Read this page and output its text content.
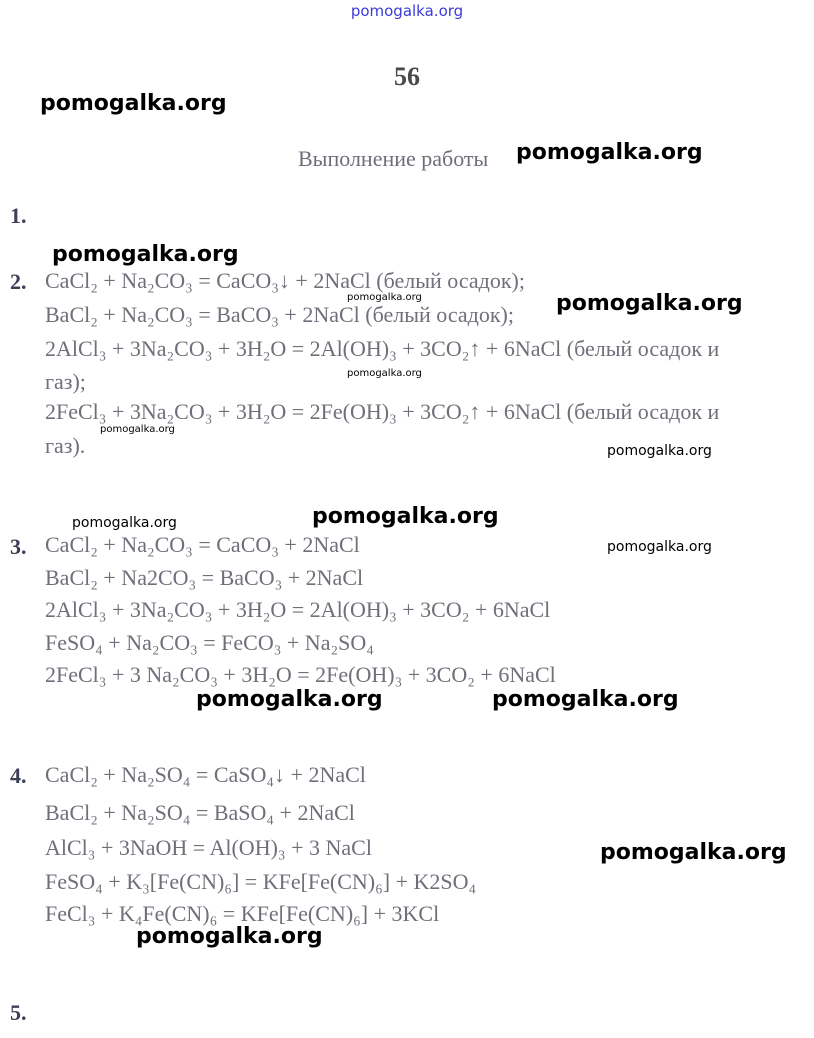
pomogalka.org
56
Выполнение работы
1.
2. CaCl₂ + Na₂CO₃ = CaCO₃↓ + 2NaCl (белый осадок);
BaCl₂ + Na₂CO₃ = BaCO₃ + 2NaCl (белый осадок);
2AlCl₃ + 3Na₂CO₃ + 3H₂O = 2Al(OH)₃ + 3CO₂↑ + 6NaCl (белый осадок и
газ);
2FeCl₃ + 3Na₂CO₃ + 3H₂O = 2Fe(OH)₃ + 3CO₂↑ + 6NaCl (белый осадок и
газ).
3. CaCl₂ + Na₂CO₃ = CaCO₃ + 2NaCl
BaCl₂ + Na2CO₃ = BaCO₃ + 2NaCl
2AlCl₃ + 3Na₂CO₃ + 3H₂O = 2Al(OH)₃ + 3CO₂ + 6NaCl
FeSO₄ + Na₂CO₃ = FeCO₃ + Na₂SO₄
2FeCl₃ + 3 Na₂CO₃ + 3H₂O = 2Fe(OH)₃ + 3CO₂ + 6NaCl
4. CaCl₂ + Na₂SO₄ = CaSO₄↓ + 2NaCl
BaCl₂ + Na₂SO₄ = BaSO₄ + 2NaCl
AlCl₃ + 3NaOH = Al(OH)₃ + 3 NaCl
FeSO₄ + K₃[Fe(CN)₆] = KFe[Fe(CN)₆] + K2SO₄
FeCl₃ + K₄Fe(CN)₆ = KFe[Fe(CN)₆] + 3KCl
5.
pomogalka.org
pomogalka.org
pomogalka.org
pomogalka.org	pomogalka.org
pomogalka.org
pomogalka.org
pomogalka.org
pomogalka.org	pomogalka.org
pomogalka.org
pomogalka.org	pomogalka.org
pomogalka.org
pomogalka.org
